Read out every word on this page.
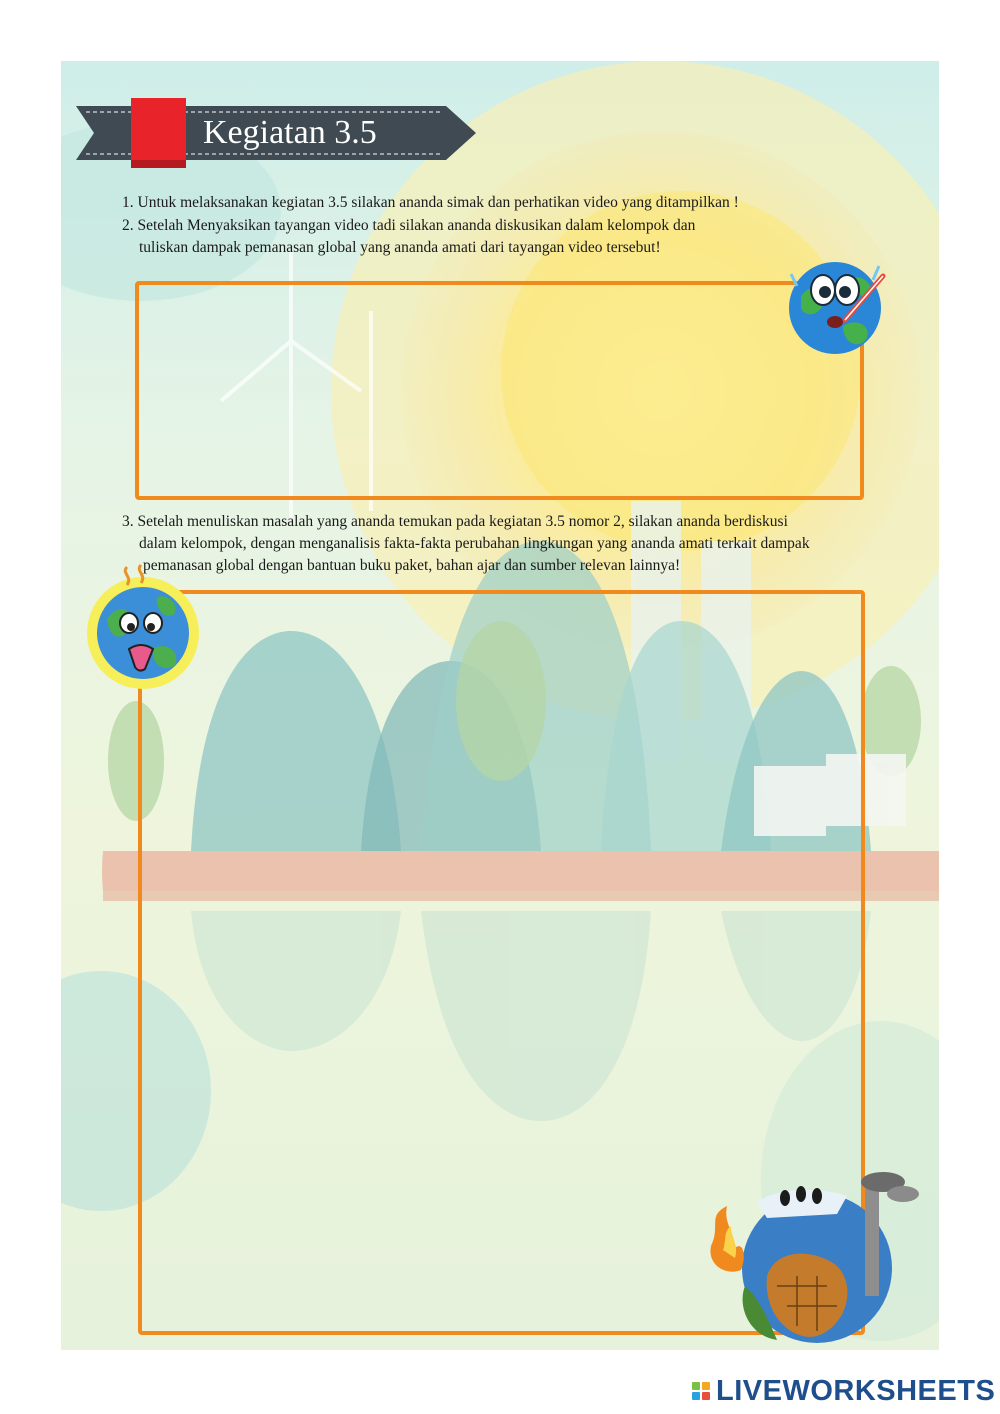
Kegiatan 3.5
1. Untuk melaksanakan kegiatan 3.5 silakan ananda simak dan perhatikan video yang ditampilkan !
2. Setelah Menyaksikan tayangan video tadi silakan ananda diskusikan dalam kelompok dan
tuliskan dampak pemanasan global yang ananda amati dari tayangan video tersebut!
3. Setelah menuliskan masalah yang ananda temukan pada kegiatan 3.5 nomor 2, silakan ananda berdiskusi
dalam kelompok, dengan menganalisis fakta-fakta perubahan lingkungan yang ananda amati terkait dampak
pemanasan global dengan bantuan buku paket, bahan ajar dan sumber relevan lainnya!
LIVEWORKSHEETS
